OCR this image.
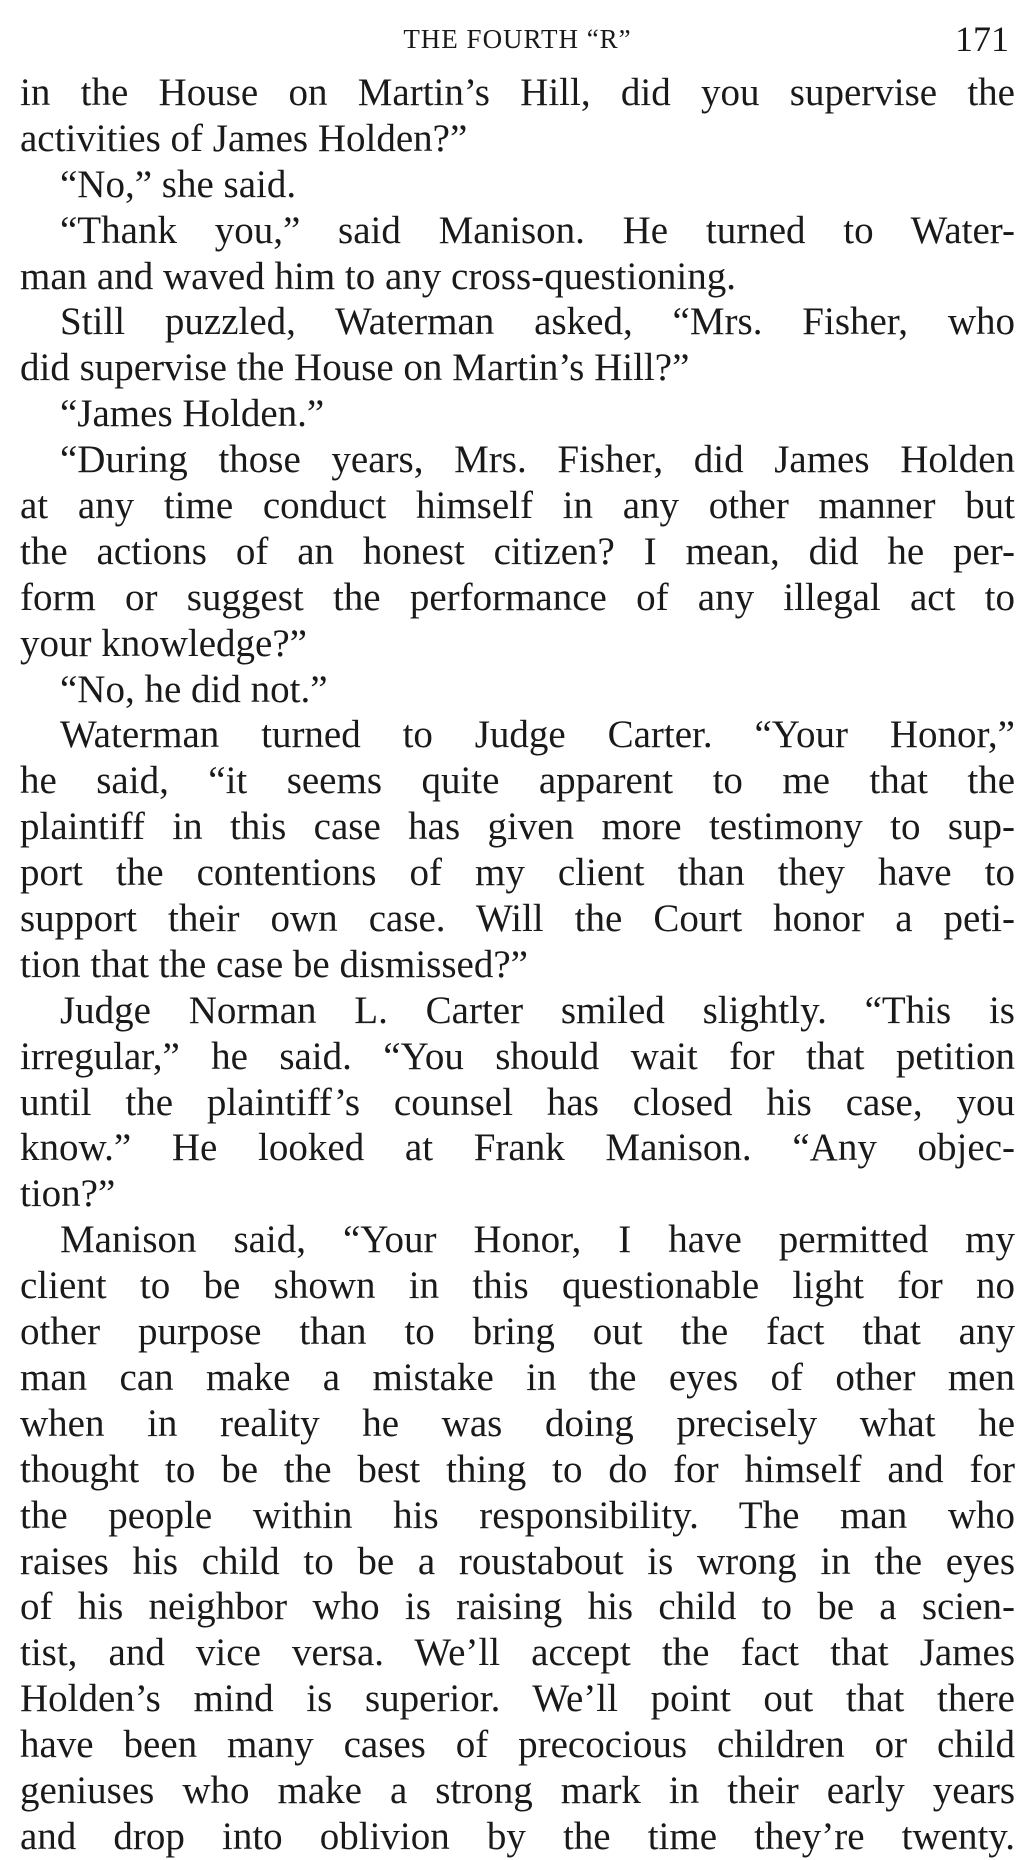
THE FOURTH “R”	171
in the House on Martin’s Hill, did you supervise the
activities of James Holden?”
“No,” she said.
“Thank you,” said Manison. He turned to Water-
man and waved him to any cross-questioning.
Still puzzled, Waterman asked, “Mrs. Fisher, who
did supervise the House on Martin’s Hill?”
“James Holden.”
“During those years, Mrs. Fisher, did James Holden
at any time conduct himself in any other manner but
the actions of an honest citizen? I mean, did he per-
form or suggest the performance of any illegal act to
your knowledge?”
“No, he did not.”
Waterman turned to Judge Carter. “Your Honor,”
he said, “it seems quite apparent to me that the
plaintiff in this case has given more testimony to sup-
port the contentions of my client than they have to
support their own case. Will the Court honor a peti-
tion that the case be dismissed?”
Judge Norman L. Carter smiled slightly. “This is
irregular,” he said. “You should wait for that petition
until the plaintiff’s counsel has closed his case, you
know.” He looked at Frank Manison. “Any objec-
tion?”
Manison said, “Your Honor, I have permitted my
client to be shown in this questionable light for no
other purpose than to bring out the fact that any
man can make a mistake in the eyes of other men
when in reality he was doing precisely what he
thought to be the best thing to do for himself and for
the people within his responsibility. The man who
raises his child to be a roustabout is wrong in the eyes
of his neighbor who is raising his child to be a scien-
tist, and vice versa. We’ll accept the fact that James
Holden’s mind is superior. We’ll point out that there
have been many cases of precocious children or child
geniuses who make a strong mark in their early years
and drop into oblivion by the time they’re twenty.
